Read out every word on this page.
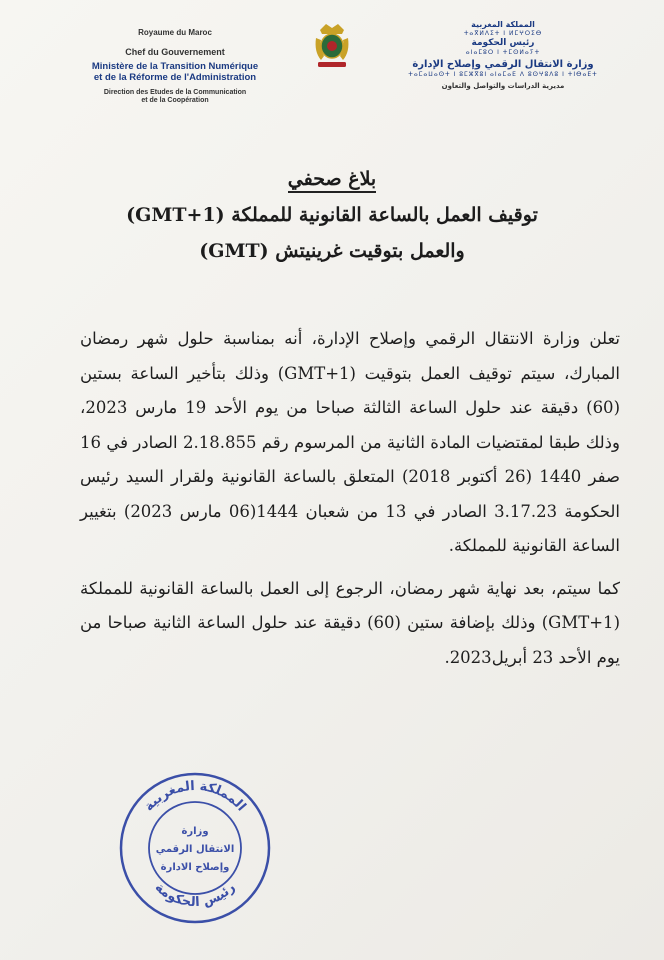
Royaume du Maroc
Chef du Gouvernement
Ministère de la Transition Numérique
et de la Réforme de l'Administration
Direction des Etudes de la Communication
et de la Coopération
المملكة المغربية
ⵜⴰⴳⵍⴷⵉⵜ ⵏ ⵍⵎⵖⵔⵉⴱ
رئيس الحكومة
ⴰⵏⴰⵎⵓⵔ ⵏ ⵜⵎⵙⵍⴰⵢⵜ
وزارة الانتقال الرقمي وإصلاح الإدارة
ⵜⴰⵎⴰⵡⴰⵙⵜ ⵏ ⵓⵎⵣⴳⵓⵏ ⴰⵏⴰⵎⴰⴹ ⴷ ⵓⵙⵖⵓⴷⵓ ⵏ ⵜⵏⴱⴰⴹⵜ
مديرية الدراسات والتواصل والتعاون
بلاغ صحفي
توقيف العمل بالساعة القانونية للمملكة (GMT+1)
والعمل بتوقيت غرينيتش (GMT)
تعلن وزارة الانتقال الرقمي وإصلاح الإدارة، أنه بمناسبة حلول شهر رمضان المبارك، سيتم توقيف العمل بتوقيت (GMT+1) وذلك بتأخير الساعة بستين (60) دقيقة عند حلول الساعة الثالثة صباحا من يوم الأحد 19 مارس 2023، وذلك طبقا لمقتضيات المادة الثانية من المرسوم رقم 2.18.855 الصادر في 16 صفر 1440 (26 أكتوبر 2018) المتعلق بالساعة القانونية ولقرار السيد رئيس الحكومة 3.17.23 الصادر في 13 من شعبان 1444(06 مارس 2023) بتغيير الساعة القانونية للمملكة.
كما سيتم، بعد نهاية شهر رمضان، الرجوع إلى العمل بالساعة القانونية للمملكة (GMT+1) وذلك بإضافة ستين (60) دقيقة عند حلول الساعة الثانية صباحا من يوم الأحد 23 أبريل2023.
المملكة المغربية
رئيس الحكومة
وزارة
الانتقال الرقمي
وإصلاح الادارة
